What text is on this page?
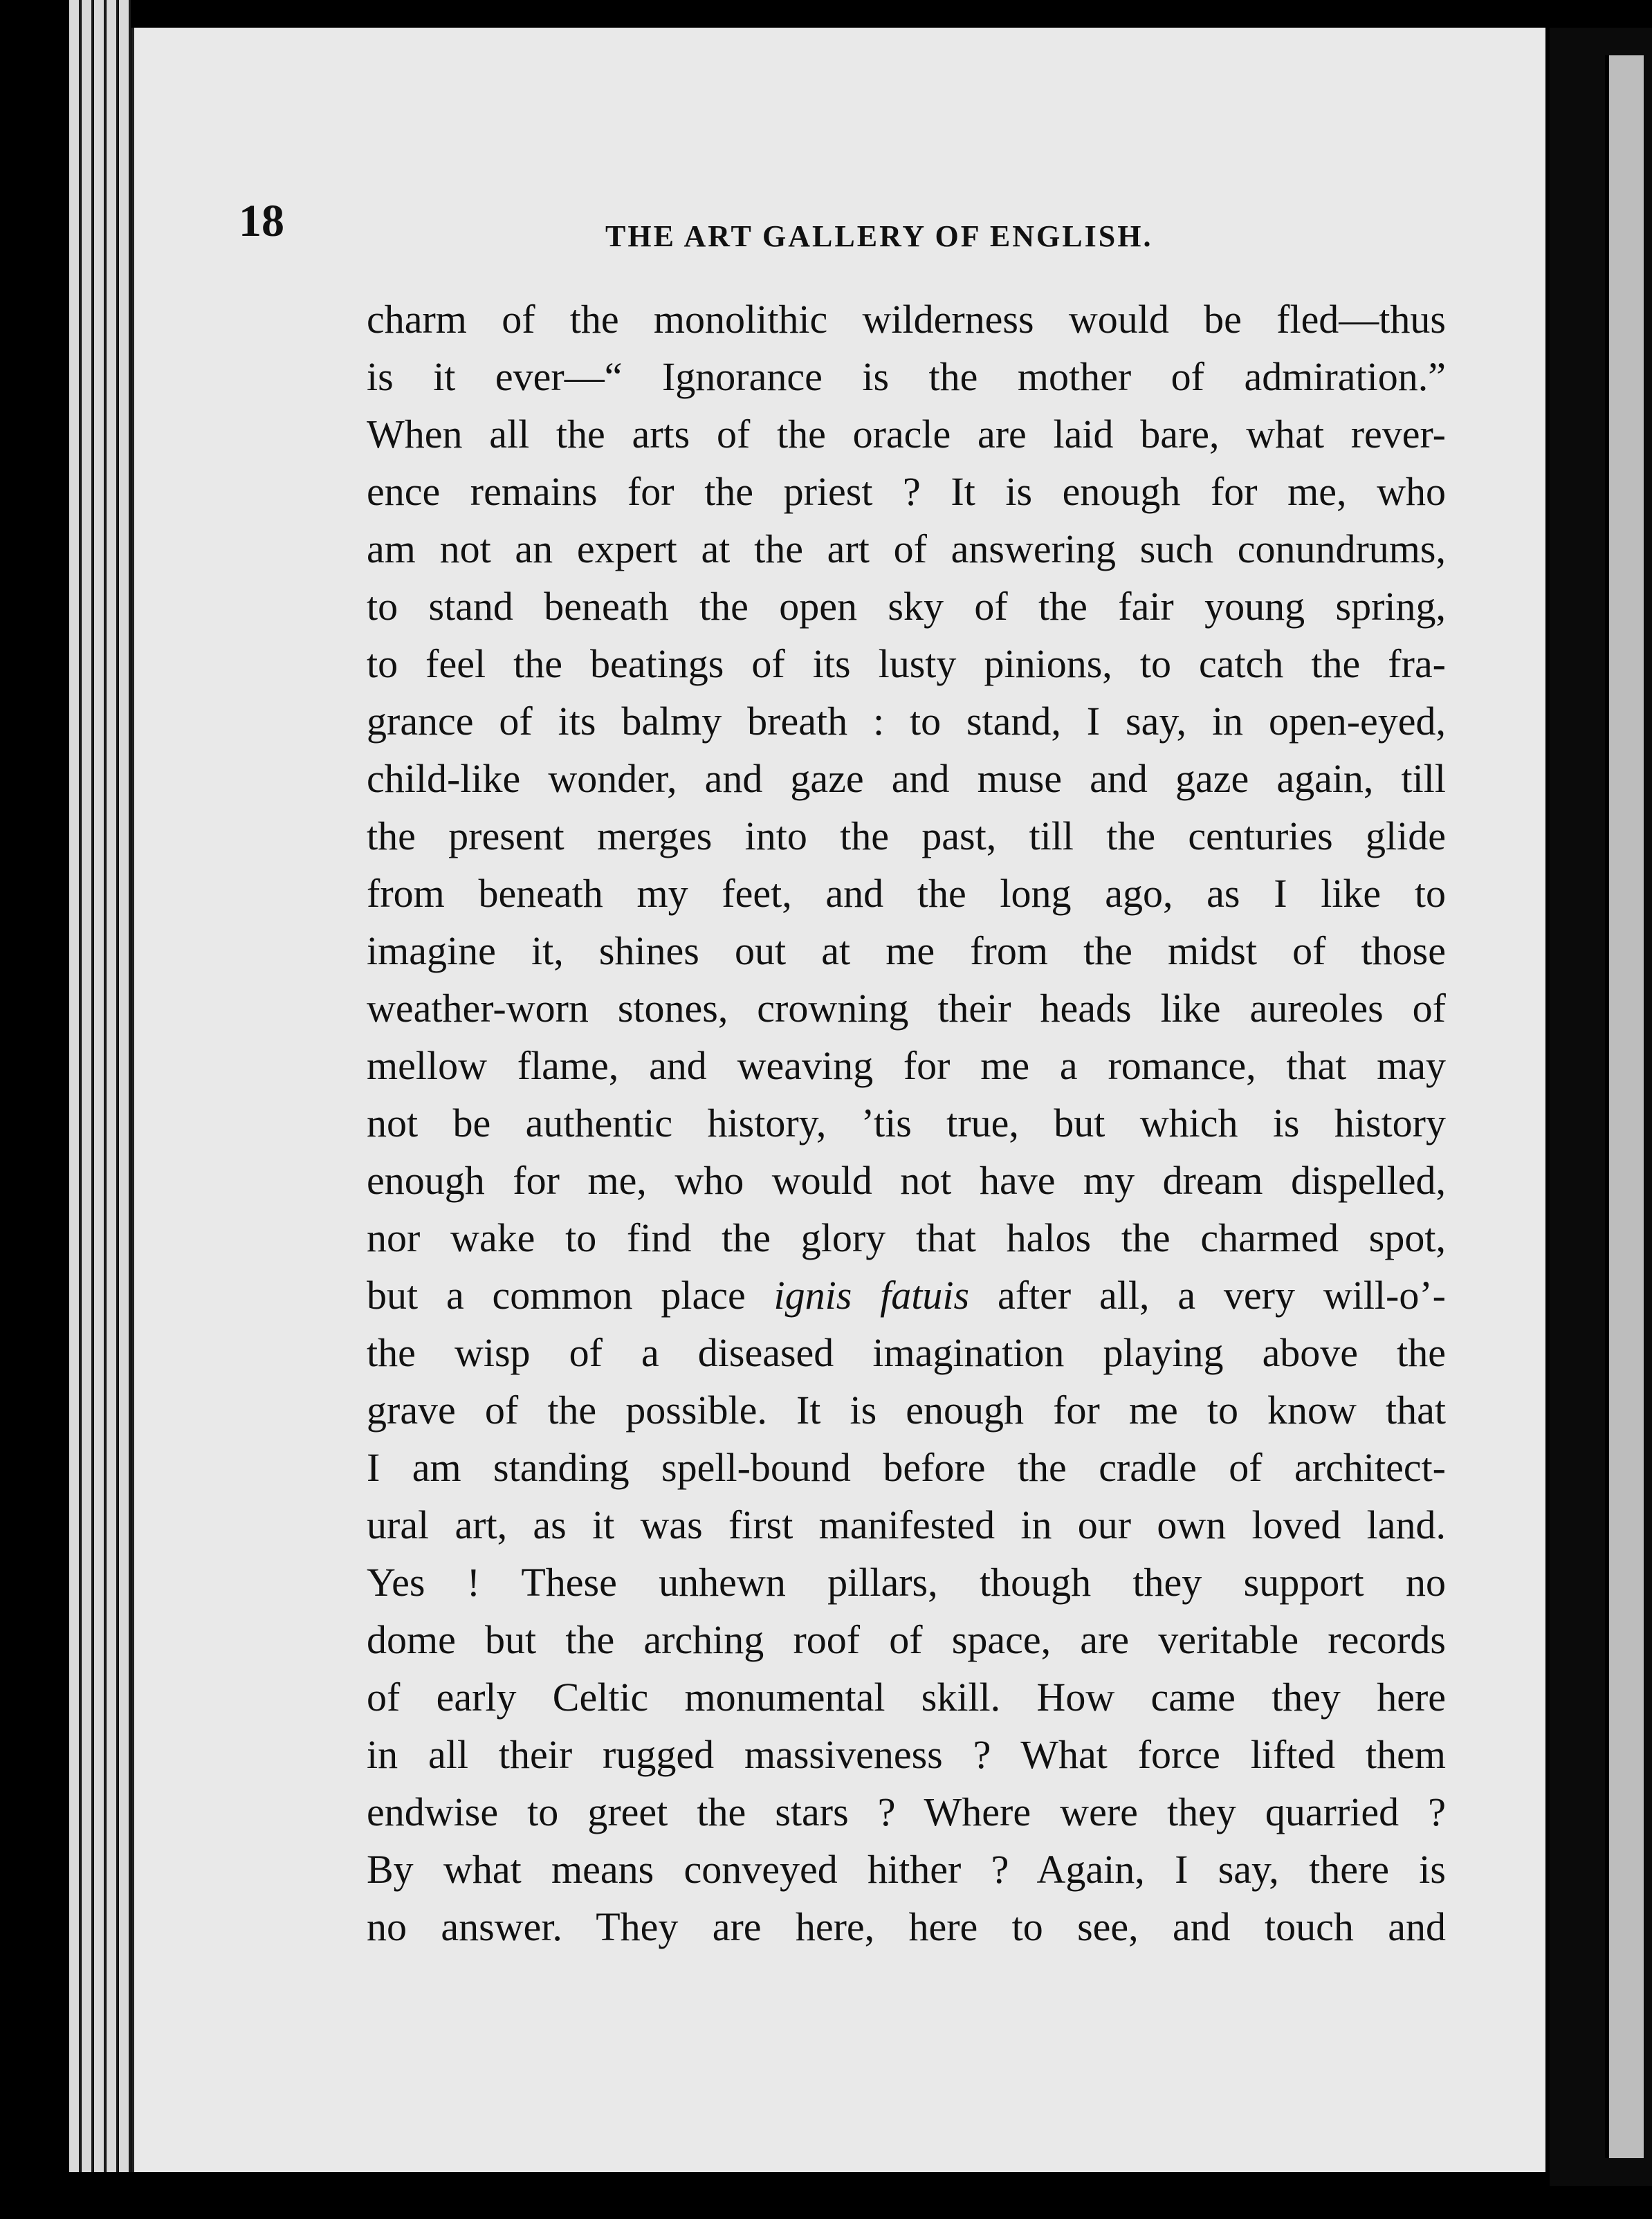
18	THE ART GALLERY OF ENGLISH.
charm of the monolithic wilderness would be fled—thus
is it ever—“ Ignorance is the mother of admiration.”
When all the arts of the oracle are laid bare, what rever-
ence remains for the priest ? It is enough for me, who
am not an expert at the art of answering such conundrums,
to stand beneath the open sky of the fair young spring,
to feel the beatings of its lusty pinions, to catch the fra-
grance of its balmy breath : to stand, I say, in open-eyed,
child-like wonder, and gaze and muse and gaze again, till
the present merges into the past, till the centuries glide
from beneath my feet, and the long ago, as I like to
imagine it, shines out at me from the midst of those
weather-worn stones, crowning their heads like aureoles of
mellow flame, and weaving for me a romance, that may
not be authentic history, ’tis true, but which is history
enough for me, who would not have my dream dispelled,
nor wake to find the glory that halos the charmed spot,
but a common place ignis fatuis after all, a very will-o’-
the wisp of a diseased imagination playing above the
grave of the possible. It is enough for me to know that
I am standing spell-bound before the cradle of architect-
ural art, as it was first manifested in our own loved land.
Yes ! These unhewn pillars, though they support no
dome but the arching roof of space, are veritable records
of early Celtic monumental skill. How came they here
in all their rugged massiveness ? What force lifted them
endwise to greet the stars ? Where were they quarried ?
By what means conveyed hither ? Again, I say, there is
no answer. They are here, here to see, and touch and
